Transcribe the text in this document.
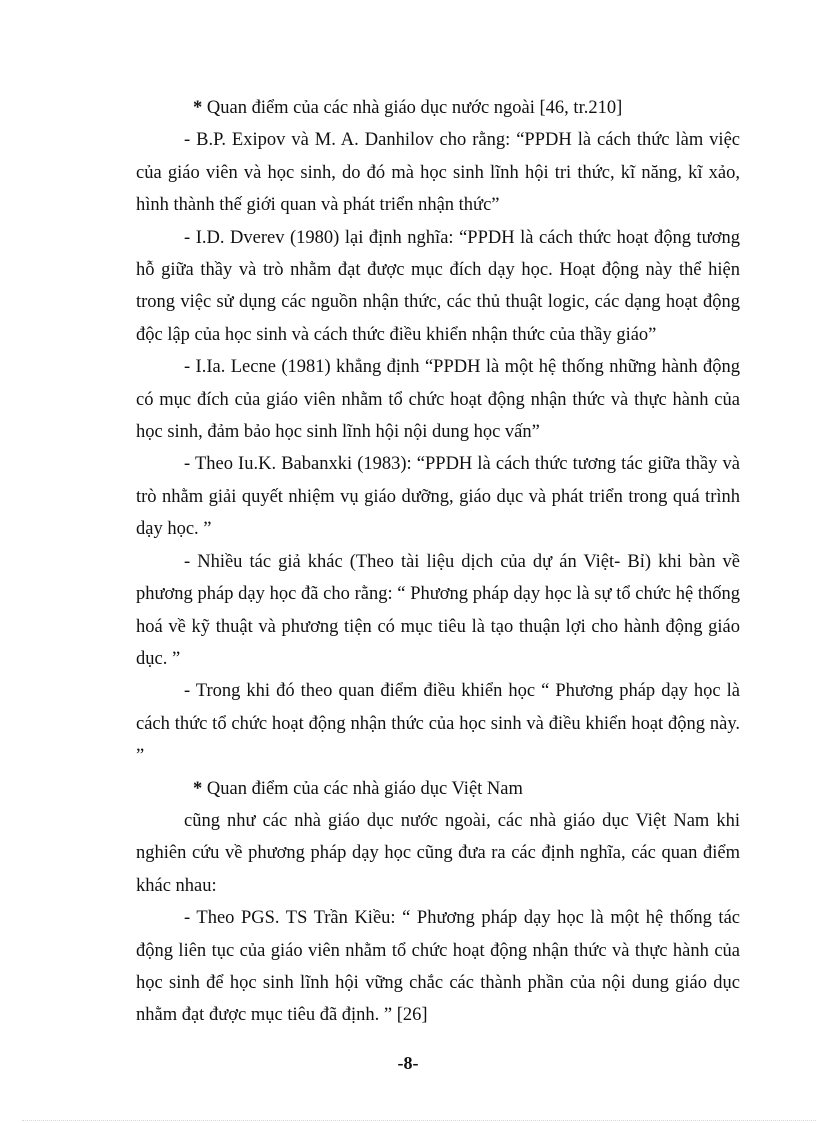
* Quan điểm của các nhà giáo dục nước ngoài [46, tr.210]

- B.P. Exipov và M. A. Danhilov cho rằng: “PPDH là cách thức làm việc của giáo viên và học sinh, do đó mà học sinh lĩnh hội tri thức, kĩ năng, kĩ xảo, hình thành thế giới quan và phát triển nhận thức”

- I.D. Dverev (1980) lại định nghĩa: “PPDH là cách thức hoạt động tương hỗ giữa thầy và trò nhằm đạt được mục đích dạy học. Hoạt động này thể hiện trong việc sử dụng các nguồn nhận thức, các thủ thuật logic, các dạng hoạt động độc lập của học sinh và cách thức điều khiển nhận thức của thầy giáo”

- I.Ia. Lecne (1981) khẳng định “PPDH là một hệ thống những hành động có mục đích của giáo viên nhằm tổ chức hoạt động nhận thức và thực hành của học sinh, đảm bảo học sinh lĩnh hội nội dung học vấn”

- Theo Iu.K. Babanxki (1983): “PPDH là cách thức tương tác giữa thầy và trò nhằm giải quyết nhiệm vụ giáo dưỡng, giáo dục và phát triển trong quá trình dạy học. ”

- Nhiều tác giả khác (Theo tài liệu dịch của dự án Việt- Bỉ) khi bàn về phương pháp dạy học đã cho rằng: “ Phương pháp dạy học là sự tổ chức hệ thống hoá về kỹ thuật và phương tiện có mục tiêu là tạo thuận lợi cho hành động giáo dục. ”

- Trong khi đó theo quan điểm điều khiển học “ Phương pháp dạy học là cách thức tổ chức hoạt động nhận thức của học sinh và điều khiển hoạt động này. ”

* Quan điểm của các nhà giáo dục Việt Nam

cũng như các nhà giáo dục nước ngoài, các nhà giáo dục Việt Nam khi nghiên cứu về phương pháp dạy học cũng đưa ra các định nghĩa, các quan điểm khác nhau:

- Theo PGS. TS Trần Kiều: “ Phương pháp dạy học là một hệ thống tác động liên tục của giáo viên nhằm tổ chức hoạt động nhận thức và thực hành của học sinh để học sinh lĩnh hội vững chắc các thành phần của nội dung giáo dục nhằm đạt được mục tiêu đã định. ” [26]

-8-
